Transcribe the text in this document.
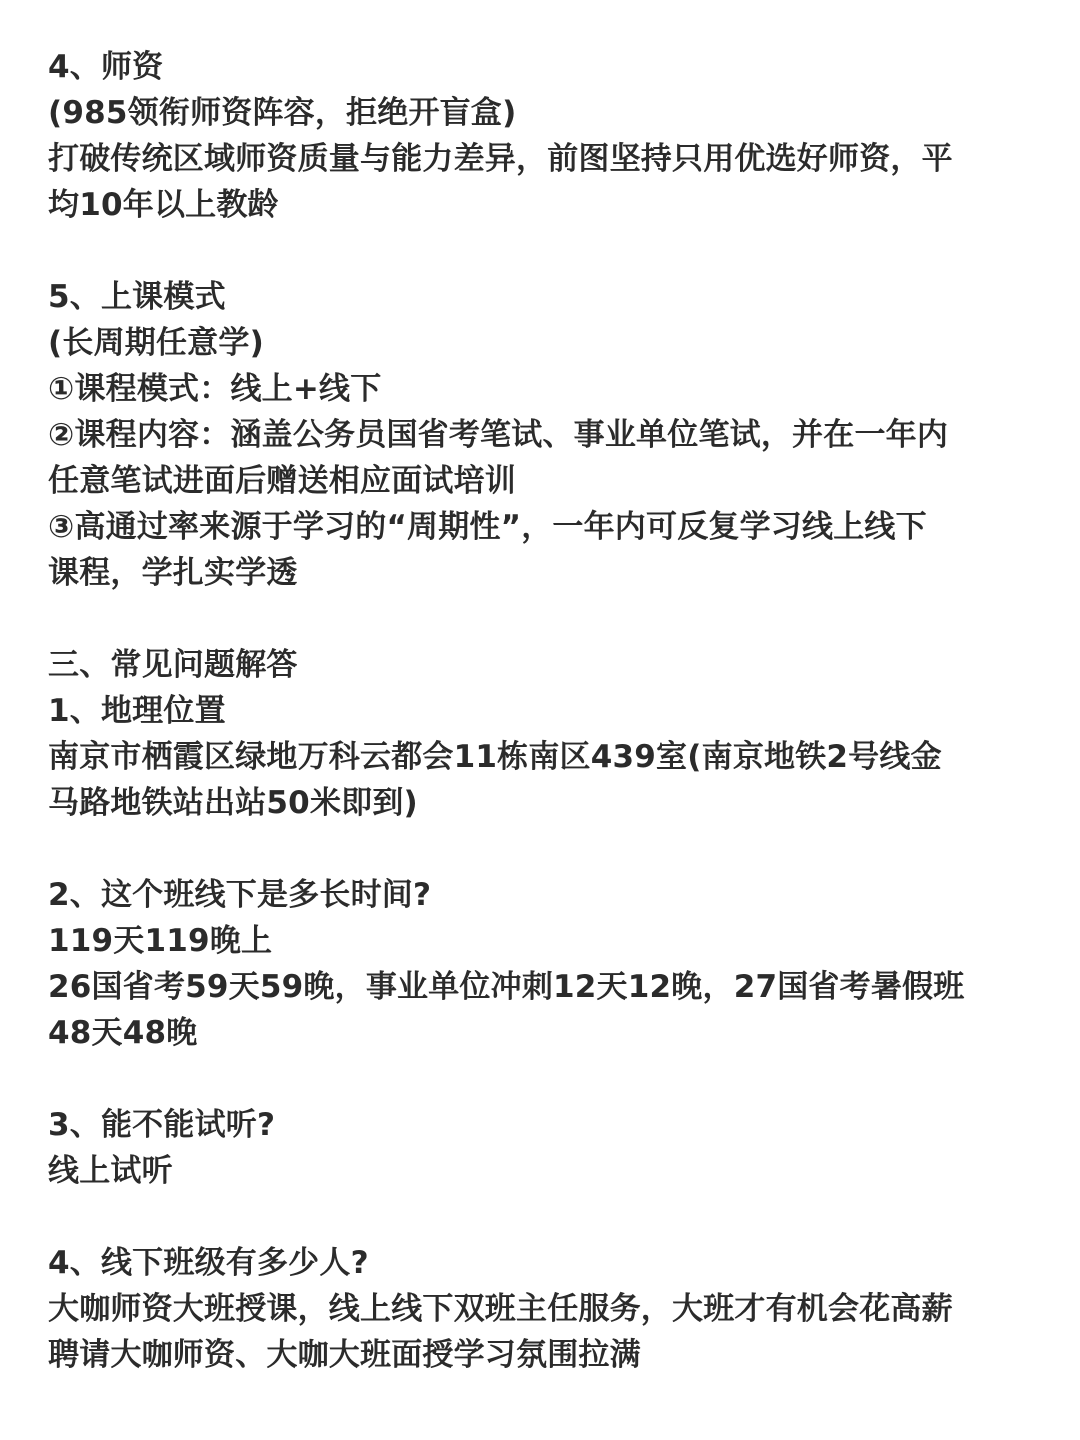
4、师资
(985领衔师资阵容，拒绝开盲盒)
打破传统区域师资质量与能力差异，前图坚持只用优选好师资，平
均10年以上教龄
5、上课模式
(长周期任意学)
①课程模式：线上+线下
②课程内容：涵盖公务员国省考笔试、事业单位笔试，并在一年内
任意笔试进面后赠送相应面试培训
③高通过率来源于学习的“周期性”，一年内可反复学习线上线下
课程，学扎实学透
三、常见问题解答
1、地理位置
南京市栖霞区绿地万科云都会11栋南区439室(南京地铁2号线金
马路地铁站出站50米即到)
2、这个班线下是多长时间?
119天119晚上
26国省考59天59晚，事业单位冲刺12天12晚，27国省考暑假班
48天48晚
3、能不能试听?
线上试听
4、线下班级有多少人?
大咖师资大班授课，线上线下双班主任服务，大班才有机会花高薪
聘请大咖师资、大咖大班面授学习氛围拉满
